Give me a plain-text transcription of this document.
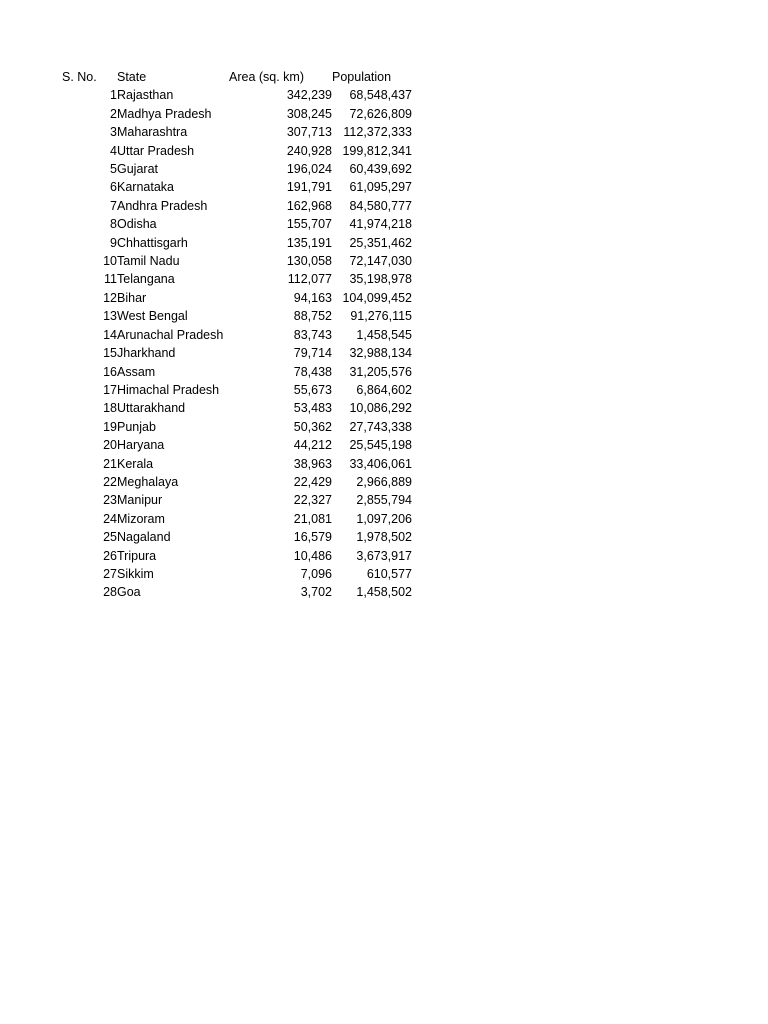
S. No.	State	Area (sq. km)	Population
1	Rajasthan	342,239	68,548,437
2	Madhya Pradesh	308,245	72,626,809
3	Maharashtra	307,713	112,372,333
4	Uttar Pradesh	240,928	199,812,341
5	Gujarat	196,024	60,439,692
6	Karnataka	191,791	61,095,297
7	Andhra Pradesh	162,968	84,580,777
8	Odisha	155,707	41,974,218
9	Chhattisgarh	135,191	25,351,462
10	Tamil Nadu	130,058	72,147,030
11	Telangana	112,077	35,198,978
12	Bihar	94,163	104,099,452
13	West Bengal	88,752	91,276,115
14	Arunachal Pradesh	83,743	1,458,545
15	Jharkhand	79,714	32,988,134
16	Assam	78,438	31,205,576
17	Himachal Pradesh	55,673	6,864,602
18	Uttarakhand	53,483	10,086,292
19	Punjab	50,362	27,743,338
20	Haryana	44,212	25,545,198
21	Kerala	38,963	33,406,061
22	Meghalaya	22,429	2,966,889
23	Manipur	22,327	2,855,794
24	Mizoram	21,081	1,097,206
25	Nagaland	16,579	1,978,502
26	Tripura	10,486	3,673,917
27	Sikkim	7,096	610,577
28	Goa	3,702	1,458,502
